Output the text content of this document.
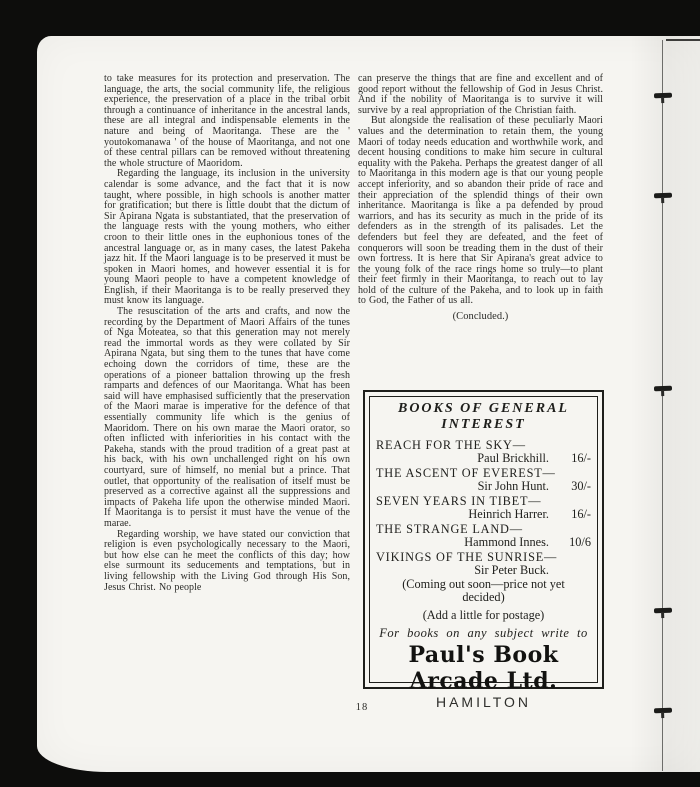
to take measures for its protection and preservation. The language, the arts, the social community life, the religious experience, the preservation of a place in the tribal orbit through a continuance of inheritance in the ancestral lands, these are all integral and indispensable elements in the nature and being of Maoritanga. These are the ' youtokomanawa ' of the house of Maoritanga, and not one of these central pillars can be removed without threatening the whole structure of Maoridom.

Regarding the language, its inclusion in the university calendar is some advance, and the fact that it is now taught, where possible, in high schools is another matter for gratification; but there is little doubt that the dictum of Sir Apirana Ngata is substantiated, that the preservation of the language rests with the young mothers, who either croon to their little ones in the euphonious tones of the ancestral language or, as in many cases, the latest Pakeha jazz hit. If the Maori language is to be preserved it must be spoken in Maori homes, and however essential it is for young Maori people to have a competent knowledge of English, if their Maoritanga is to be really preserved they must know its language.

The resuscitation of the arts and crafts, and now the recording by the Department of Maori Affairs of the tunes of Nga Moteatea, so that this generation may not merely read the immortal words as they were collated by Sir Apirana Ngata, but sing them to the tunes that have come echoing down the corridors of time, these are the operations of a pioneer battalion throwing up the fresh ramparts and defences of our Maoritanga. What has been said will have emphasised sufficiently that the preservation of the Maori marae is imperative for the defence of that essentially community life which is the genius of Maoridom. There on his own marae the Maori orator, so often inflicted with inferiorities in his contact with the Pakeha, stands with the proud tradition of a great past at his back, with his own unchallenged right on his own courtyard, sure of himself, no menial but a prince. That outlet, that opportunity of the realisation of itself must be preserved as a corrective against all the suppressions and impacts of Pakeha life upon the otherwise minded Maori. If Maoritanga is to persist it must have the venue of the marae.

Regarding worship, we have stated our conviction that religion is even psychologically necessary to the Maori, but how else can he meet the conflicts of this day; how else surmount its seducements and temptations, but in living fellowship with the Living God through His Son, Jesus Christ. No people

can preserve the things that are fine and excellent and of good report without the fellowship of God in Jesus Christ. And if the nobility of Maoritanga is to survive it will survive by a real appropriation of the Christian faith.

But alongside the realisation of these peculiarly Maori values and the determination to retain them, the young Maori of today needs education and worthwhile work, and decent housing conditions to make him secure in cultural equality with the Pakeha. Perhaps the greatest danger of all to Maoritanga in this modern age is that our young people accept inferiority, and so abandon their pride of race and their appreciation of the splendid things of their own inheritance. Maoritanga is like a pa defended by proud warriors, and has its security as much in the pride of its defenders as in the strength of its palisades. Let the defenders but feel they are defeated, and the feet of conquerors will soon be treading them in the dust of their own fortress. It is here that Sir Apirana's great advice to the young folk of the race rings home so truly—to plant their feet firmly in their Maoritanga, to reach out to lay hold of the culture of the Pakeha, and to look up in faith to God, the Father of us all.

(Concluded.)
BOOKS OF GENERAL
INTEREST
REACH FOR THE SKY—
Paul Brickhill.	16/-
THE ASCENT OF EVEREST—
Sir John Hunt.	30/-
SEVEN YEARS IN TIBET—
Heinrich Harrer.	16/-
THE STRANGE LAND—
Hammond Innes.	10/6
VIKINGS OF THE SUNRISE—
Sir Peter Buck.
(Coming out soon—price not yet decided)
(Add a little for postage)
For books on any subject write to
Paul's Book Arcade Ltd.
HAMILTON
18
